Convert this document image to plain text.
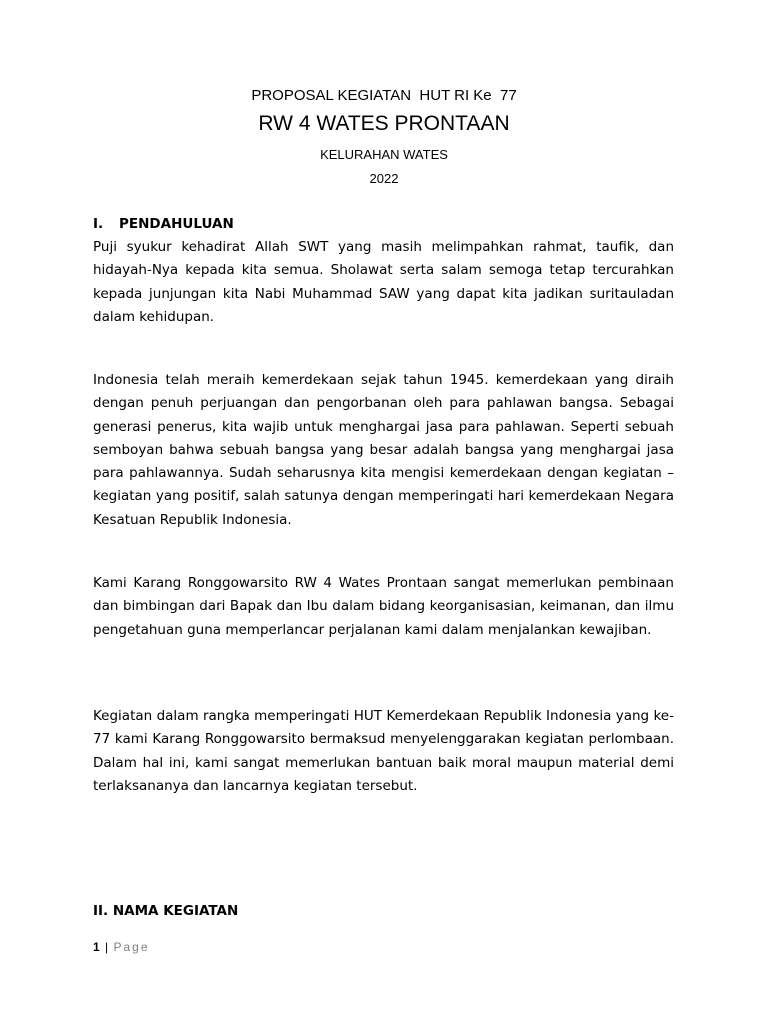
PROPOSAL KEGIATAN  HUT RI Ke  77
RW 4 WATES PRONTAAN
KELURAHAN WATES
2022
I. PENDAHULUAN

Puji syukur kehadirat Allah SWT yang masih melimpahkan rahmat, taufik, dan hidayah-Nya kepada kita semua. Sholawat serta salam semoga tetap tercurahkan kepada junjungan kita Nabi Muhammad SAW yang dapat kita jadikan suritauladan dalam kehidupan.

Indonesia telah meraih kemerdekaan sejak tahun 1945. kemerdekaan yang diraih dengan penuh perjuangan dan pengorbanan oleh para pahlawan bangsa. Sebagai generasi penerus, kita wajib untuk menghargai jasa para pahlawan. Seperti sebuah semboyan bahwa sebuah bangsa yang besar adalah bangsa yang menghargai jasa para pahlawannya. Sudah seharusnya kita mengisi kemerdekaan dengan kegiatan – kegiatan yang positif, salah satunya dengan memperingati hari kemerdekaan Negara Kesatuan Republik Indonesia.

Kami Karang Ronggowarsito RW 4 Wates Prontaan sangat memerlukan pembinaan dan bimbingan dari Bapak dan Ibu dalam bidang keorganisasian, keimanan, dan ilmu pengetahuan guna memperlancar perjalanan kami dalam menjalankan kewajiban.

Kegiatan dalam rangka memperingati HUT Kemerdekaan Republik Indonesia yang ke-77 kami Karang Ronggowarsito bermaksud menyelenggarakan kegiatan perlombaan. Dalam hal ini, kami sangat memerlukan bantuan baik moral maupun material demi terlaksananya dan lancarnya kegiatan tersebut.

II. NAMA KEGIATAN
1 | Page
